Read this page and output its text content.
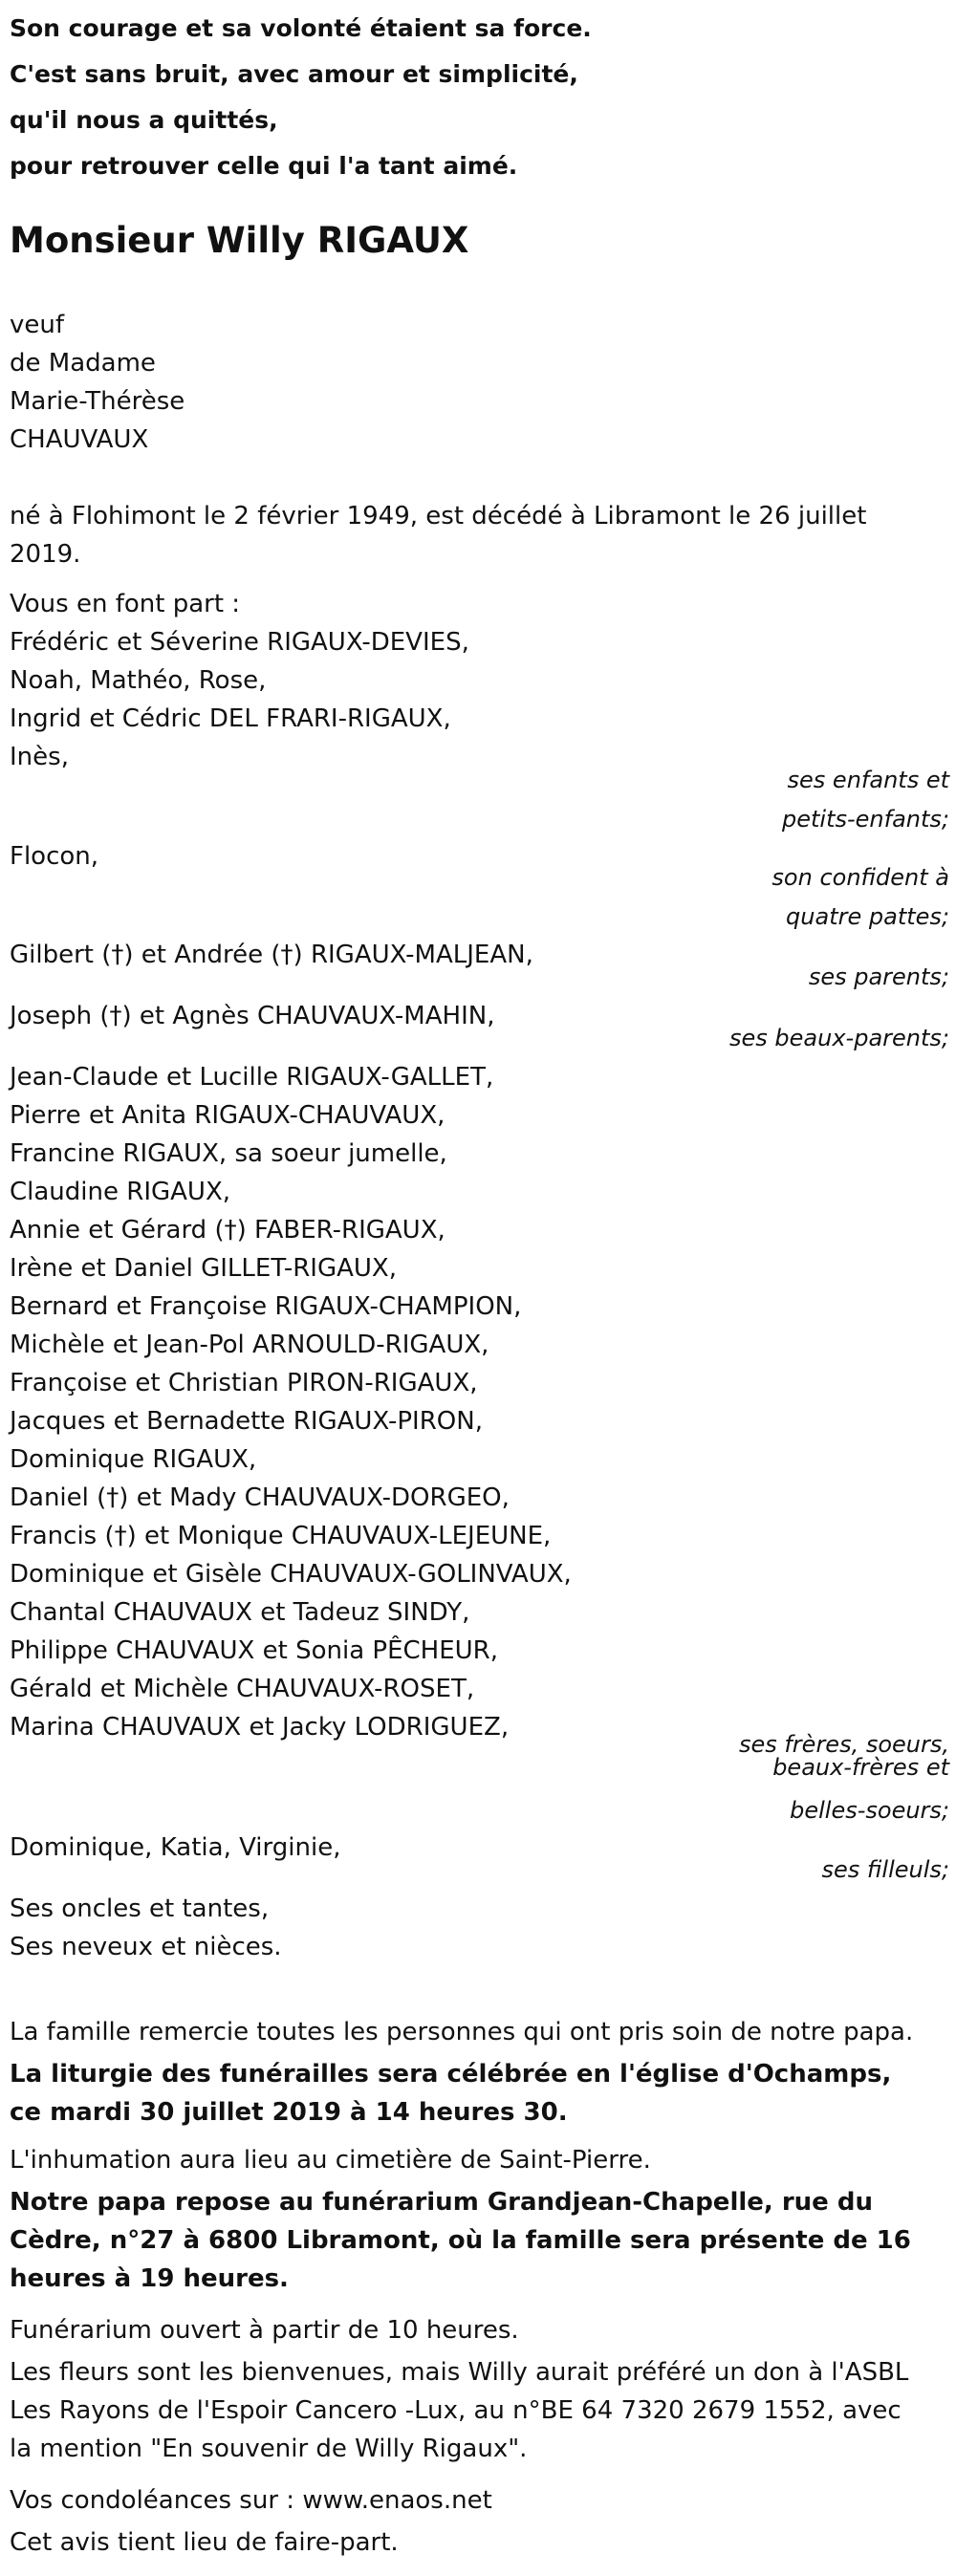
Son courage et sa volonté étaient sa force.
C'est sans bruit, avec amour et simplicité,
qu'il nous a quittés,
pour retrouver celle qui l'a tant aimé.
Monsieur Willy RIGAUX
veuf
de Madame
Marie-Thérèse
CHAUVAUX
né à Flohimont le 2 février 1949, est décédé à Libramont le 26 juillet 2019.
Vous en font part :
Frédéric et Séverine RIGAUX-DEVIES,
Noah, Mathéo, Rose,
Ingrid et Cédric DEL FRARI-RIGAUX,
Inès,
ses enfants et
petits-enfants;
Flocon,
son confident à
quatre pattes;
Gilbert (†) et Andrée (†) RIGAUX-MALJEAN,
ses parents;
Joseph (†) et Agnès CHAUVAUX-MAHIN,
ses beaux-parents;
Jean-Claude et Lucille RIGAUX-GALLET,
Pierre et Anita RIGAUX-CHAUVAUX,
Francine RIGAUX, sa soeur jumelle,
Claudine RIGAUX,
Annie et Gérard (†) FABER-RIGAUX,
Irène et Daniel GILLET-RIGAUX,
Bernard et Françoise RIGAUX-CHAMPION,
Michèle et Jean-Pol ARNOULD-RIGAUX,
Françoise et Christian PIRON-RIGAUX,
Jacques et Bernadette RIGAUX-PIRON,
Dominique RIGAUX,
Daniel (†) et Mady CHAUVAUX-DORGEO,
Francis (†) et Monique CHAUVAUX-LEJEUNE,
Dominique et Gisèle CHAUVAUX-GOLINVAUX,
Chantal CHAUVAUX et Tadeuz SINDY,
Philippe CHAUVAUX et Sonia PÊCHEUR,
Gérald et Michèle CHAUVAUX-ROSET,
Marina CHAUVAUX et Jacky LODRIGUEZ,
ses frères, soeurs,
beaux-frères et
belles-soeurs;
Dominique, Katia, Virginie,
ses filleuls;
Ses oncles et tantes,
Ses neveux et nièces.
La famille remercie toutes les personnes qui ont pris soin de notre papa.
La liturgie des funérailles sera célébrée en l'église d'Ochamps, ce mardi 30 juillet 2019 à 14 heures 30.
L'inhumation aura lieu au cimetière de Saint-Pierre.
Notre papa repose au funérarium Grandjean-Chapelle, rue du Cèdre, n°27 à 6800 Libramont, où la famille sera présente de 16 heures à 19 heures.
Funérarium ouvert à partir de 10 heures.
Les fleurs sont les bienvenues, mais Willy aurait préféré un don à l'ASBL Les Rayons de l'Espoir Cancero -Lux, au n°BE 64 7320 2679 1552, avec la mention "En souvenir de Willy Rigaux".
Vos condoléances sur : www.enaos.net
Cet avis tient lieu de faire-part.
